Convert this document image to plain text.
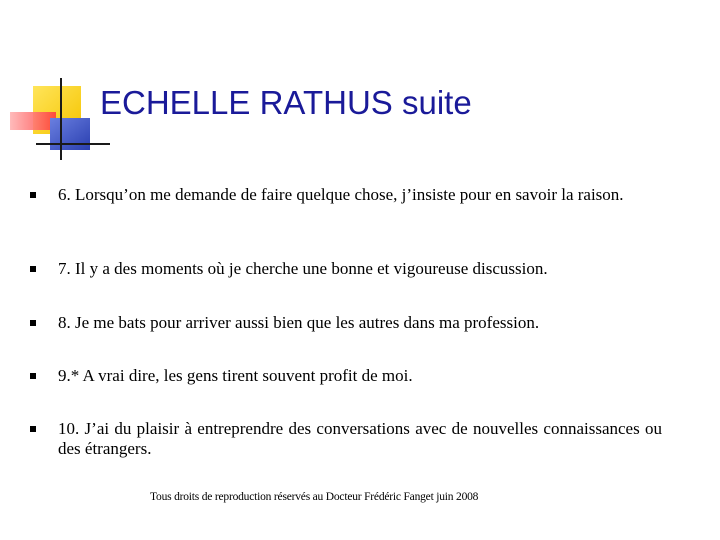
ECHELLE RATHUS suite
6. Lorsqu’on me demande de faire quelque chose, j’insiste pour en savoir la raison.
7. Il y a des moments où je cherche une bonne et vigoureuse discussion.
8. Je me bats pour arriver aussi bien que les autres dans ma profession.
9.* A vrai dire, les gens tirent souvent profit de moi.
10. J’ai du plaisir à entreprendre des conversations avec de nouvelles connaissances ou des étrangers.
Tous droits de reproduction réservés au Docteur Frédéric Fanget juin 2008
